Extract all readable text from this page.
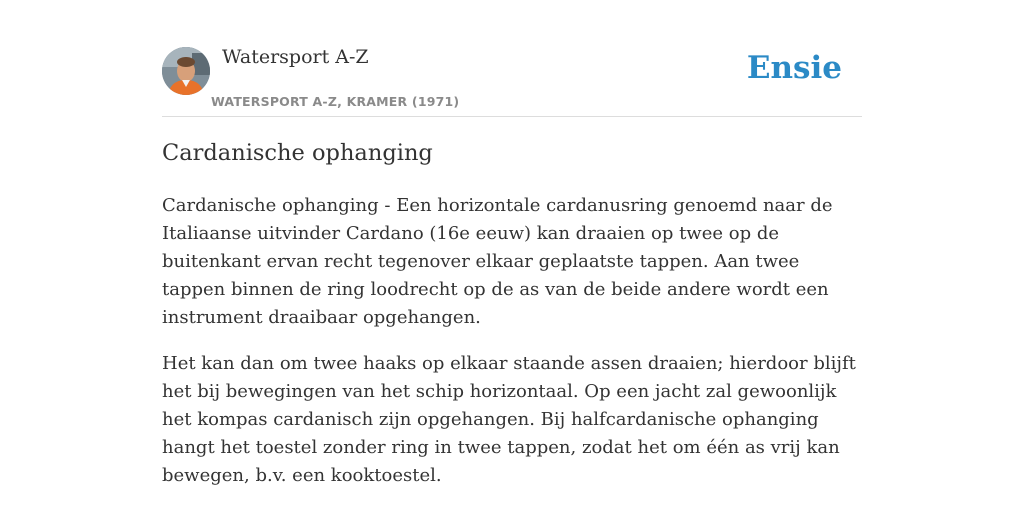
Watersport A-Z
WATERSPORT A-Z, KRAMER (1971)
Ensie
Cardanische ophanging

Cardanische ophanging - Een horizontale cardanusring genoemd naar de Italiaanse uitvinder Cardano (16e eeuw) kan draaien op twee op de buitenkant ervan recht tegenover elkaar geplaatste tappen. Aan twee tappen binnen de ring loodrecht op de as van de beide andere wordt een instrument draaibaar opgehangen.

Het kan dan om twee haaks op elkaar staande assen draaien; hierdoor blijft het bij bewegingen van het schip horizontaal. Op een jacht zal gewoonlijk het kompas cardanisch zijn opgehangen. Bij halfcardanische ophanging hangt het toestel zonder ring in twee tappen, zodat het om één as vrij kan bewegen, b.v. een kooktoestel.
